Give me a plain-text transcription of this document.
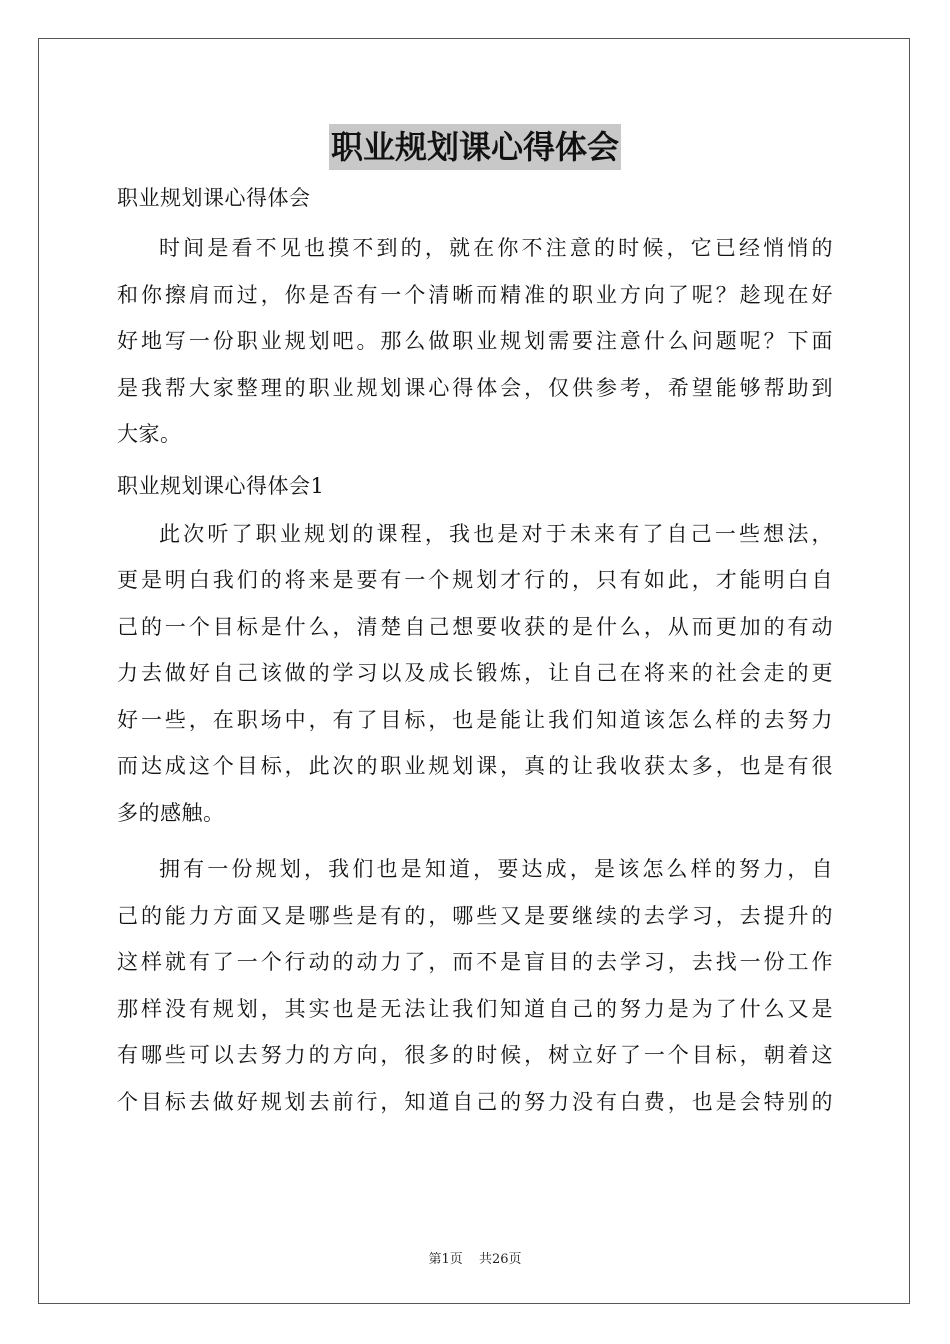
职业规划课心得体会
职业规划课心得体会
时间是看不见也摸不到的，就在你不注意的时候，它已经悄悄的
和你擦肩而过，你是否有一个清晰而精准的职业方向了呢？趁现在好
好地写一份职业规划吧。那么做职业规划需要注意什么问题呢？下面
是我帮大家整理的职业规划课心得体会，仅供参考，希望能够帮助到
大家。
职业规划课心得体会1
此次听了职业规划的课程，我也是对于未来有了自己一些想法，
更是明白我们的将来是要有一个规划才行的，只有如此，才能明白自
己的一个目标是什么，清楚自己想要收获的是什么，从而更加的有动
力去做好自己该做的学习以及成长锻炼，让自己在将来的社会走的更
好一些，在职场中，有了目标，也是能让我们知道该怎么样的去努力
而达成这个目标，此次的职业规划课，真的让我收获太多，也是有很
多的感触。
拥有一份规划，我们也是知道，要达成，是该怎么样的努力，自
己的能力方面又是哪些是有的，哪些又是要继续的去学习，去提升的
这样就有了一个行动的动力了，而不是盲目的去学习，去找一份工作
那样没有规划，其实也是无法让我们知道自己的努力是为了什么又是
有哪些可以去努力的方向，很多的时候，树立好了一个目标，朝着这
个目标去做好规划去前行，知道自己的努力没有白费，也是会特别的
第1页 共26页
